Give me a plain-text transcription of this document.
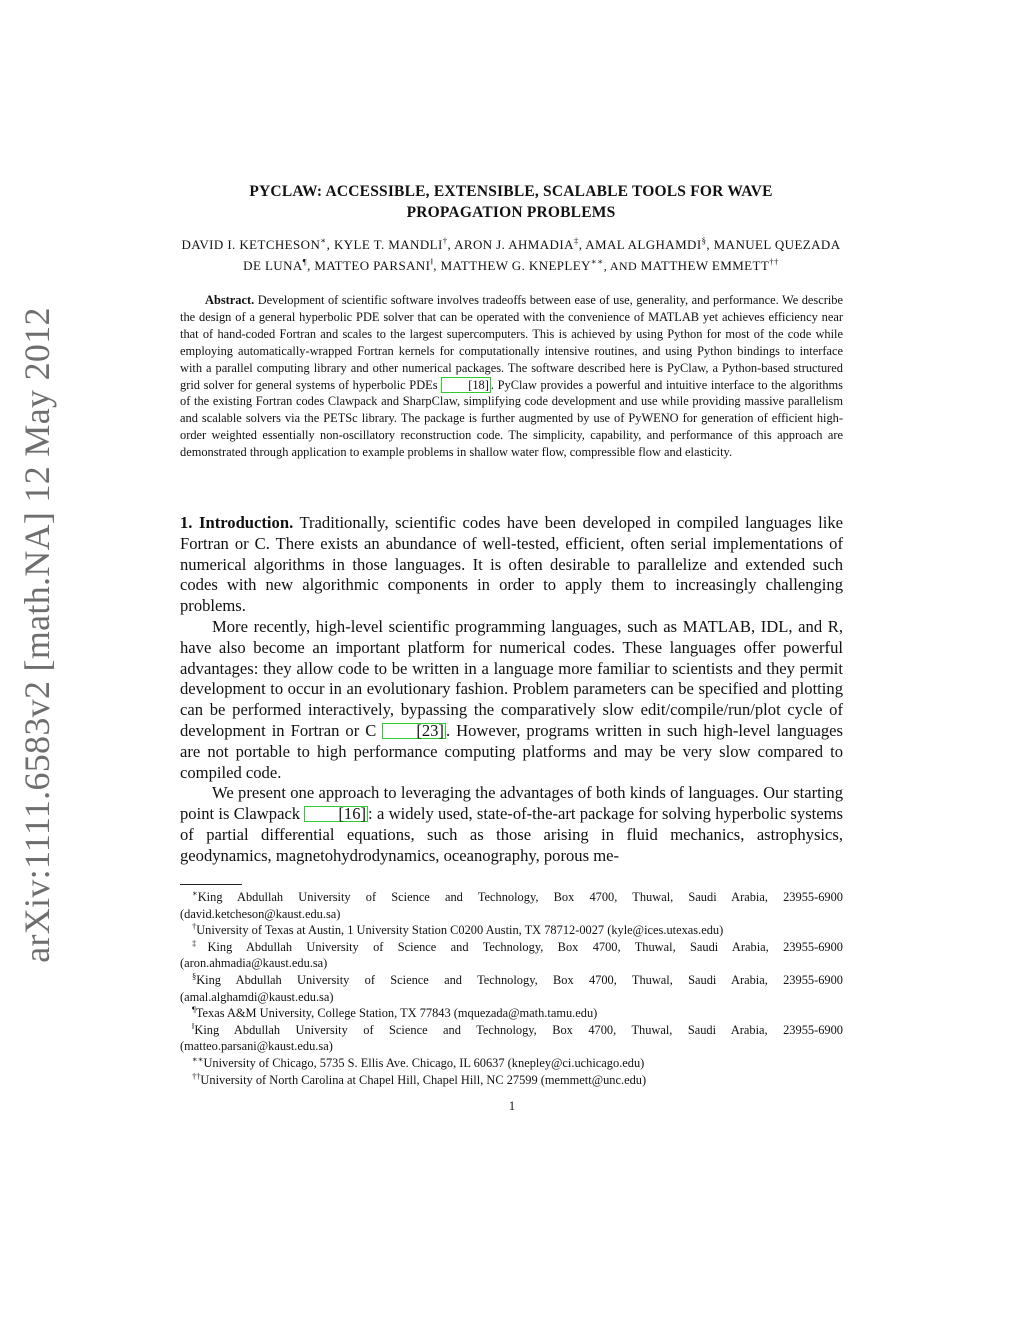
arXiv:1111.6583v2 [math.NA] 12 May 2012
PYCLAW: ACCESSIBLE, EXTENSIBLE, SCALABLE TOOLS FOR WAVE
PROPAGATION PROBLEMS
DAVID I. KETCHESON∗, KYLE T. MANDLI†, ARON J. AHMADIA‡, AMAL ALGHAMDI§, MANUEL QUEZADA DE LUNA¶, MATTEO PARSANI‖, MATTHEW G. KNEPLEY∗∗, AND MATTHEW EMMETT††
Abstract. Development of scientific software involves tradeoffs between ease of use, generality, and performance. We describe the design of a general hyperbolic PDE solver that can be operated with the convenience of MATLAB yet achieves efficiency near that of hand-coded Fortran and scales to the largest supercomputers. This is achieved by using Python for most of the code while employing automatically-wrapped Fortran kernels for computationally intensive routines, and using Python bindings to interface with a parallel computing library and other numerical packages. The software described here is PyClaw, a Python-based structured grid solver for general systems of hyperbolic PDEs [18] . PyClaw provides a powerful and intuitive interface to the algorithms of the existing Fortran codes Clawpack and SharpClaw, simplifying code development and use while providing massive parallelism and scalable solvers via the PETSc library. The package is further augmented by use of PyWENO for generation of efficient high-order weighted essentially non-oscillatory reconstruction code. The simplicity, capability, and performance of this approach are demonstrated through application to example problems in shallow water flow, compressible flow and elasticity.

1. Introduction. Traditionally, scientific codes have been developed in compiled languages like Fortran or C. There exists an abundance of well-tested, efficient, often serial implementations of numerical algorithms in those languages. It is often desirable to parallelize and extended such codes with new algorithmic components in order to apply them to increasingly challenging problems.

More recently, high-level scientific programming languages, such as MATLAB, IDL, and R, have also become an important platform for numerical codes. These languages offer powerful advantages: they allow code to be written in a language more familiar to scientists and they permit development to occur in an evolutionary fashion. Problem parameters can be specified and plotting can be performed interactively, bypassing the comparatively slow edit/compile/run/plot cycle of development in Fortran or C [23] . However, programs written in such high-level languages are not portable to high performance computing platforms and may be very slow compared to compiled code.

We present one approach to leveraging the advantages of both kinds of languages. Our starting point is Clawpack [16] : a widely used, state-of-the-art package for solving hyperbolic systems of partial differential equations, such as those arising in fluid mechanics, astrophysics, geodynamics, magnetohydrodynamics, oceanography, porous me-

∗King Abdullah University of Science and Technology, Box 4700, Thuwal, Saudi Arabia, 23955-6900 (david.ketcheson@kaust.edu.sa)
†University of Texas at Austin, 1 University Station C0200 Austin, TX 78712-0027 (kyle@ices.utexas.edu)
‡King Abdullah University of Science and Technology, Box 4700, Thuwal, Saudi Arabia, 23955-6900 (aron.ahmadia@kaust.edu.sa)
§King Abdullah University of Science and Technology, Box 4700, Thuwal, Saudi Arabia, 23955-6900 (amal.alghamdi@kaust.edu.sa)
¶Texas A&M University, College Station, TX 77843 (mquezada@math.tamu.edu)
‖King Abdullah University of Science and Technology, Box 4700, Thuwal, Saudi Arabia, 23955-6900 (matteo.parsani@kaust.edu.sa)
∗∗University of Chicago, 5735 S. Ellis Ave. Chicago, IL 60637 (knepley@ci.uchicago.edu)
††University of North Carolina at Chapel Hill, Chapel Hill, NC 27599 (memmett@unc.edu)
1
